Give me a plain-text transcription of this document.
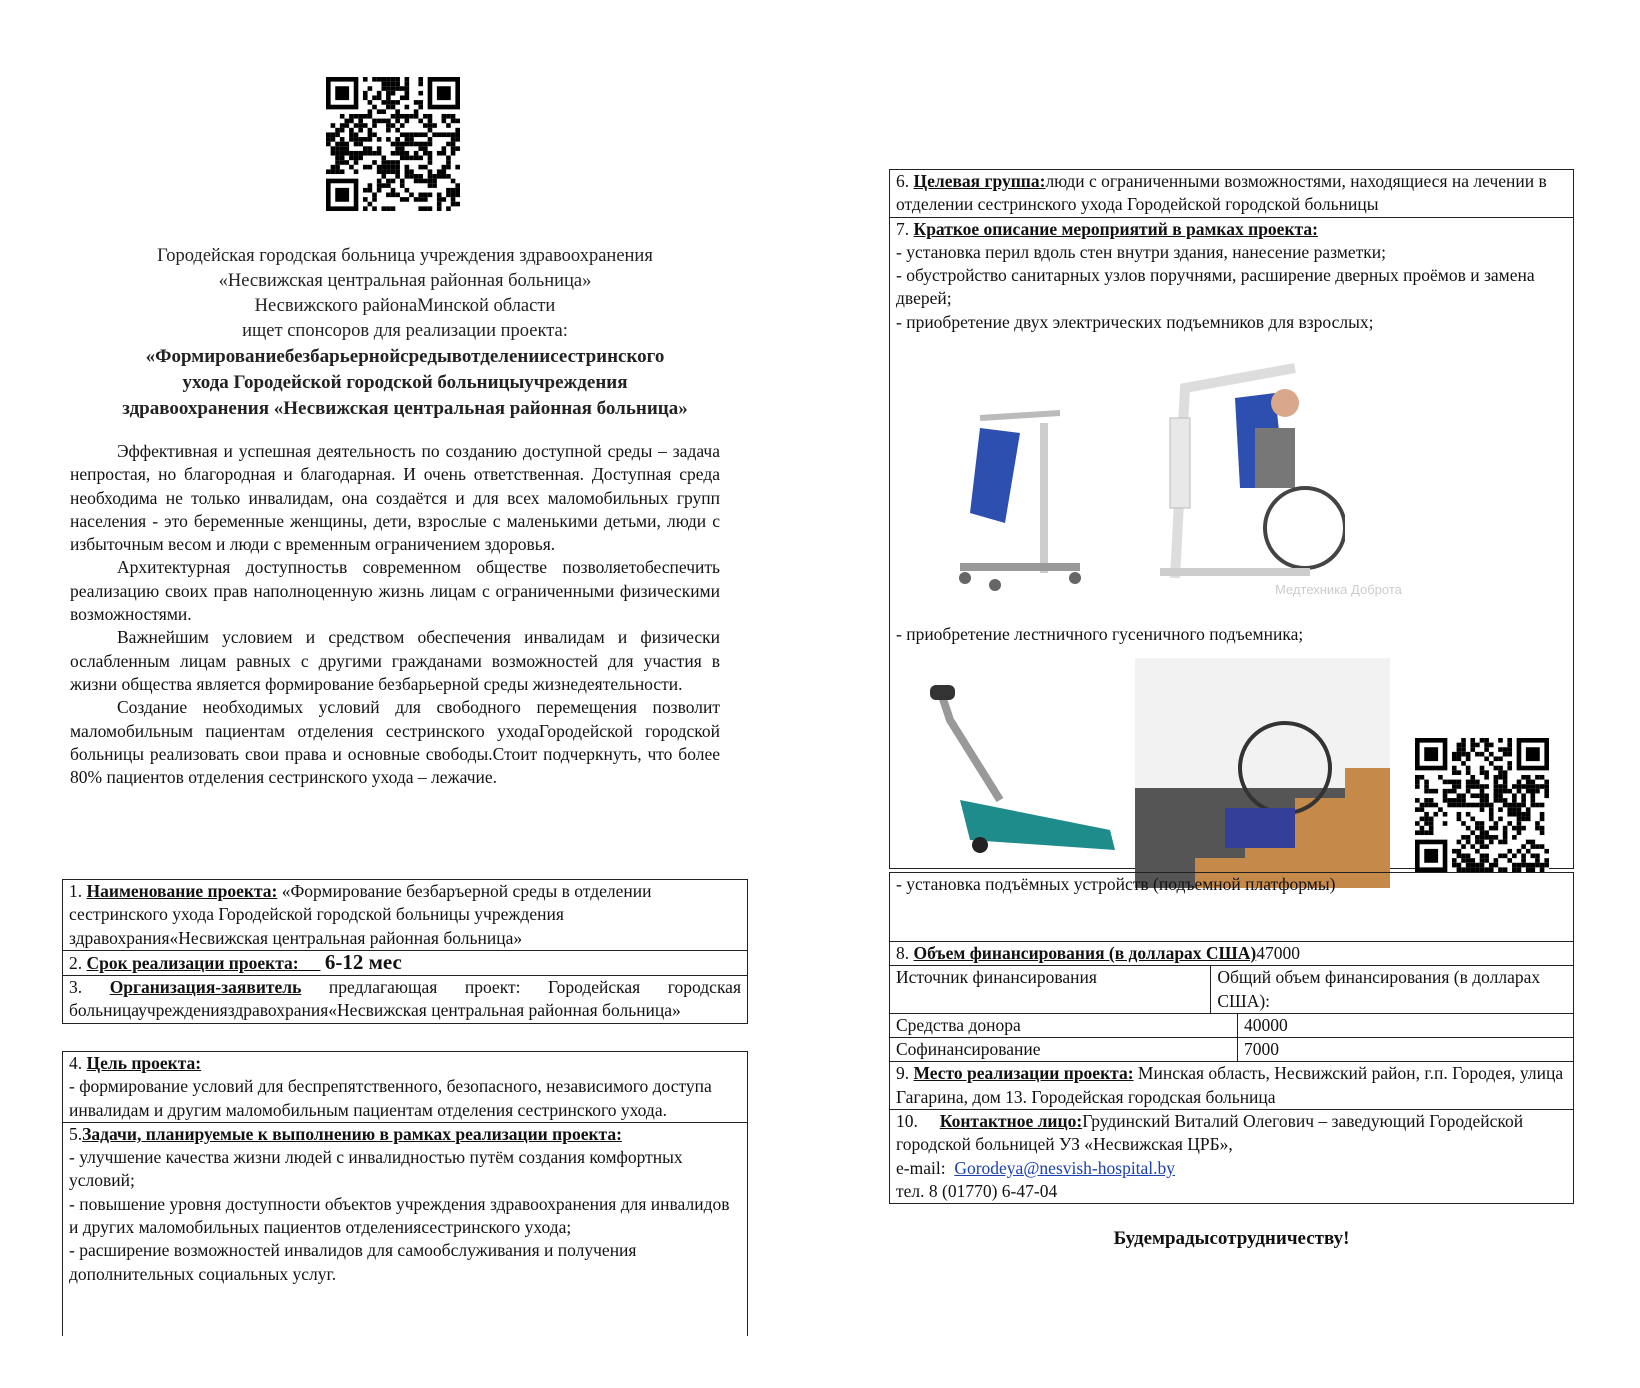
Городейская городская больница учреждения здравоохранения
«Несвижская центральная районная больница»
Несвижского районаМинской области
ищет спонсоров для реализации проекта:
«Формированиебезбарьернойсредывотделениисестринского
ухода Городейской городской больницыучреждения
здравоохранения «Несвижская центральная районная больница»

Эффективная и успешная деятельность по созданию доступной среды – задача непростая, но благородная и благодарная. И очень ответственная. Доступная среда необходима не только инвалидам, она создаётся и для всех маломобильных групп населения - это беременные женщины, дети, взрослые с маленькими детьми, люди с избыточным весом и люди с временным ограничением здоровья.

Архитектурная доступностьв современном обществе позволяетобеспечить реализацию своих прав наполноценную жизнь лицам с ограниченными физическими возможностями.

Важнейшим условием и средством обеспечения инвалидам и физически ослабленным лицам равных с другими гражданами возможностей для участия в жизни общества является формирование безбарьерной среды жизнедеятельности.

Создание необходимых условий для свободного перемещения позволит маломобильным пациентам отделения сестринского уходаГородейской городской больницы реализовать свои права и основные свободы.Стоит подчеркнуть, что более 80% пациентов отделения сестринского ухода – лежачие.

1. Наименование проекта: «Формирование безбаръерной среды в отделении сестринского ухода Городейской городской больницы учреждения здравохрания«Несвижская центральная районная больница»
2. Срок реализации проекта: 6-12 мес
3. Организация-заявитель предлагающая проект: Городейская городская больницаучрежденияздравохрания«Несвижская центральная районная больница»
4. Цель проекта:
- формирование условий для беспрепятственного, безопасного, независимого доступа инвалидам и другим маломобильным пациентам отделения сестринского ухода.
5.Задачи, планируемые к выполнению в рамках реализации проекта:
- улучшение качества жизни людей с инвалидностью путём создания комфортных условий;
- повышение уровня доступности объектов учреждения здравоохранения для инвалидов и других маломобильных пациентов отделениясестринского ухода;
- расширение возможностей инвалидов для самообслуживания и получения дополнительных социальных услуг.
6. Целевая группа:люди с ограниченными возможностями, находящиеся на лечении в отделении сестринского ухода Городейской городской больницы
7. Краткое описание мероприятий в рамках проекта:
- установка перил вдоль стен внутри здания, нанесение разметки;
- обустройство санитарных узлов поручнями, расширение дверных проёмов и замена дверей;
- приобретение двух электрических подъемников для взрослых;
Медтехника Доброта
- приобретение лестничного гусеничного подъемника;
- установка подъёмных устройств (подъемной платформы)
8. Объем финансирования (в долларах США)47000
Источник финансирования	Общий объем финансирования (в долларах США):
Средства донора	40000
Софинансирование	7000
9. Место реализации проекта: Минская область, Несвижский район, г.п. Городея, улица Гагарина, дом 13. Городейская городская больница
10. Контактное лицо:Грудинский Виталий Олегович – заведующий Городейской городской больницей УЗ «Несвижская ЦРБ»,
e-mail: Gorodeya@nesvish-hospital.by
тел. 8 (01770) 6-47-04
Будемрадысотрудничеству!
